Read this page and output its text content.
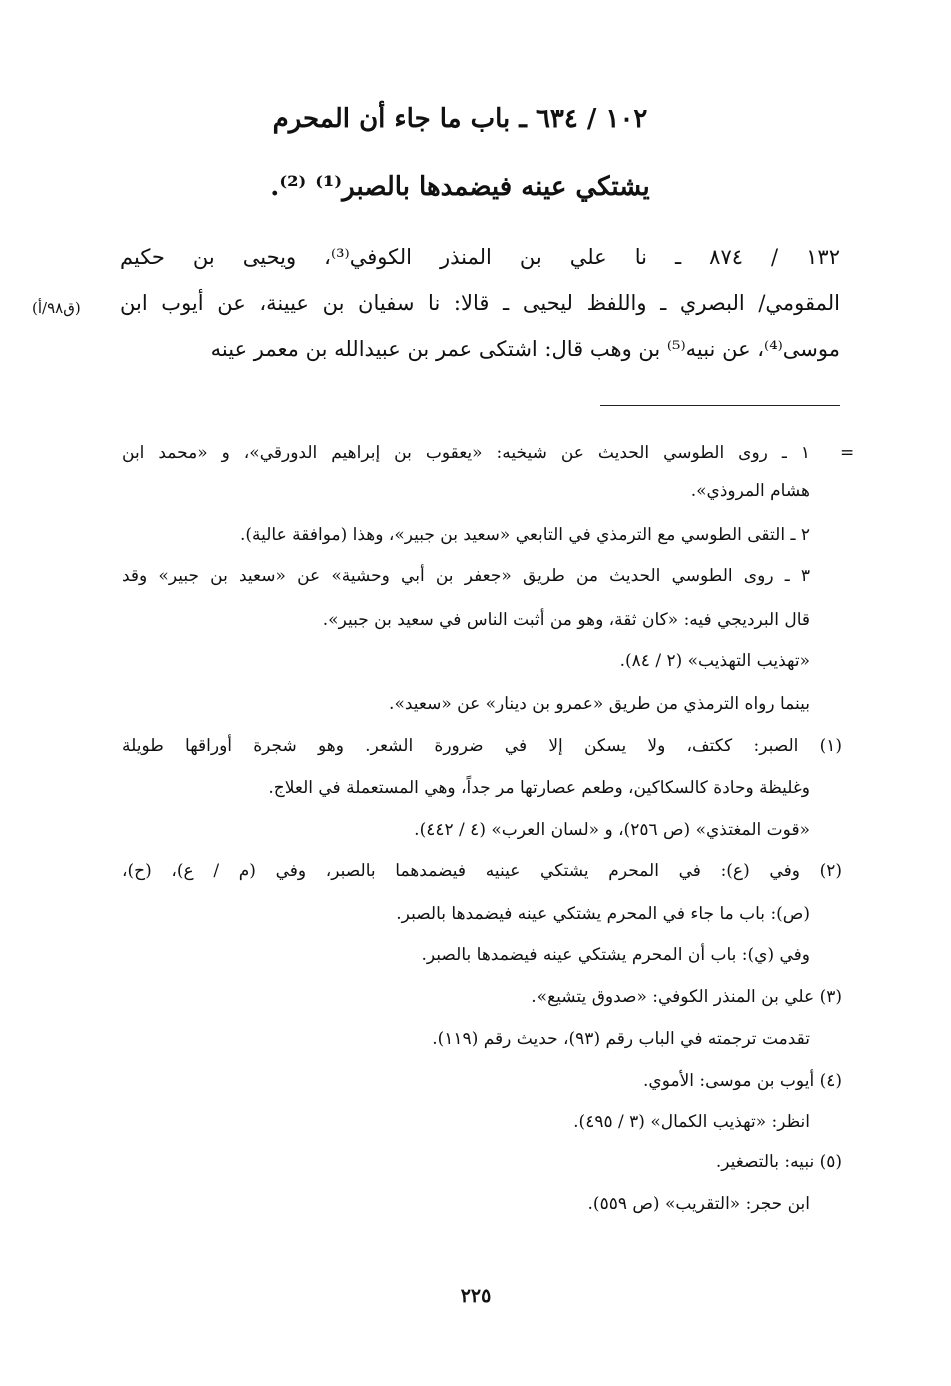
١٠٢ / ٦٣٤ ـ باب ما جاء أن المحرم
يشتكي عينه فيضمدها بالصبر⁽¹⁾ ⁽²⁾.
١٣٢ / ٨٧٤ ـ نا علي بن المنذر الكوفي⁽³⁾، ويحيى بن حكيم
المقومي/ البصري ـ واللفظ ليحيى ـ قالا: نا سفيان بن عيينة، عن أيوب ابن
موسى⁽⁴⁾، عن نبيه⁽⁵⁾ بن وهب قال: اشتكى عمر بن عبيدالله بن معمر عينه
(ق٩٨/أ)
=
١ ـ روى الطوسي الحديث عن شيخيه: «يعقوب بن إبراهيم الدورقي»، و «محمد ابن
هشام المروذي».
٢ ـ التقى الطوسي مع الترمذي في التابعي «سعيد بن جبير»، وهذا (موافقة عالية).
٣ ـ روى الطوسي الحديث من طريق «جعفر بن أبي وحشية» عن «سعيد بن جبير» وقد
قال البرديجي فيه: «كان ثقة، وهو من أثبت الناس في سعيد بن جبير».
«تهذيب التهذيب» (٢ / ٨٤).
بينما رواه الترمذي من طريق «عمرو بن دينار» عن «سعيد».
(١) الصبر: ككتف، ولا يسكن إلا في ضرورة الشعر. وهو شجرة أوراقها طويلة
وغليظة وحادة كالسكاكين، وطعم عصارتها مر جداً، وهي المستعملة في العلاج.
«قوت المغتذي» (ص ٢٥٦)، و «لسان العرب» (٤ / ٤٤٢).
(٢) وفي (ع): في المحرم يشتكي عينيه فيضمدهما بالصبر، وفي (م / ع)، (ح)،
(ص): باب ما جاء في المحرم يشتكي عينه فيضمدها بالصبر.
وفي (ي): باب أن المحرم يشتكي عينه فيضمدها بالصبر.
(٣) علي بن المنذر الكوفي: «صدوق يتشيع».
تقدمت ترجمته في الباب رقم (٩٣)، حديث رقم (١١٩).
(٤) أيوب بن موسى: الأموي.
انظر: «تهذيب الكمال» (٣ / ٤٩٥).
(٥) نبيه: بالتصغير.
ابن حجر: «التقريب» (ص ٥٥٩).
٢٢٥
